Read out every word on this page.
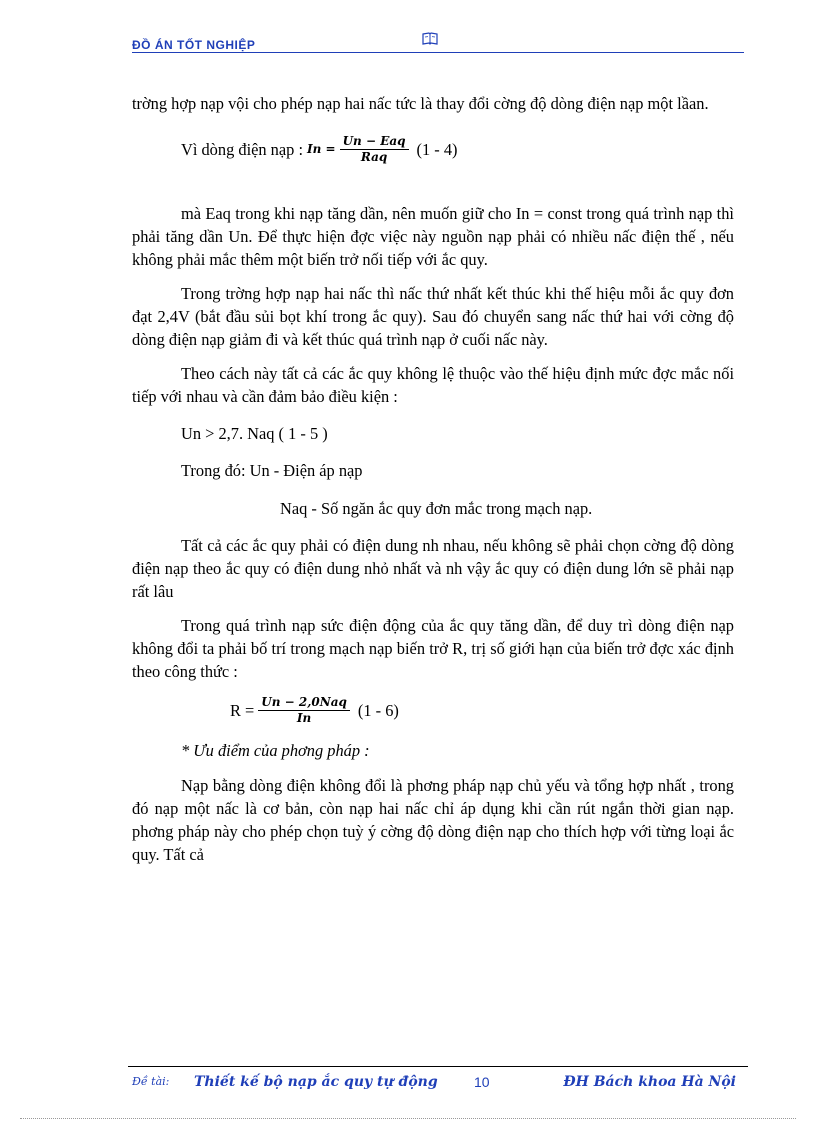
ĐỒ ÁN TỐT NGHIỆP

trờng hợp nạp vội cho phép nạp hai nấc tức là thay đổi cờng độ dòng điện nạp một lầan.

Vì dòng điện nạp : $In = \frac{\text{Un − Eaq}}{\text{Raq}} (1 - 4)$

mà Eaq trong khi nạp tăng dần, nên muốn giữ cho In = const trong quá trình nạp thì phải tăng dần Un. Để thực hiện đợc việc này nguồn nạp phải có nhiều nấc điện thế , nếu không phải mắc thêm một biến trở nối tiếp với ắc quy.

Trong trờng hợp nạp hai nấc thì nấc thứ nhất kết thúc khi thế hiệu mỗi ắc quy đơn đạt 2,4V (bắt đầu sủi bọt khí trong ắc quy). Sau đó chuyển sang nấc thứ hai với cờng độ dòng điện nạp giảm đi và kết thúc quá trình nạp ở cuối nấc này.

Theo cách này tất cả các ắc quy không lệ thuộc vào thế hiệu định mức đợc mắc nối tiếp với nhau và cần đảm bảo điều kiện :

Un > 2,7. Naq ( 1 - 5 )

Trong đó: Un - Điện áp nạp

Naq - Số ngăn ắc quy đơn mắc trong mạch nạp.

Tất cả các ắc quy phải có điện dung nh nhau, nếu không sẽ phải chọn cờng độ dòng điện nạp theo ắc quy có điện dung nhỏ nhất và nh vậy ắc quy có điện dung lớn sẽ phải nạp rất lâu

Trong quá trình nạp sức điện động của ắc quy tăng dần, để duy trì dòng điện nạp không đổi ta phải bố trí trong mạch nạp biến trở R, trị số giới hạn của biến trở đợc xác định theo công thức :

$R = \frac{\text{Un − 2,0Naq}}{In} (1 - 6)$

* Ưu điểm của phơng pháp :

Nạp bằng dòng điện không đổi là phơng pháp nạp chủ yếu và tổng hợp nhất , trong đó nạp một nấc là cơ bản, còn nạp hai nấc chỉ áp dụng khi cần rút ngắn thời gian nạp. phơng pháp này cho phép chọn tuỳ ý cờng độ dòng điện nạp cho thích hợp với từng loại ắc quy. Tất cả

Đề tài: Thiết kế bộ nạp ắc quy tự động	10	ĐH Bách khoa Hà Nội
